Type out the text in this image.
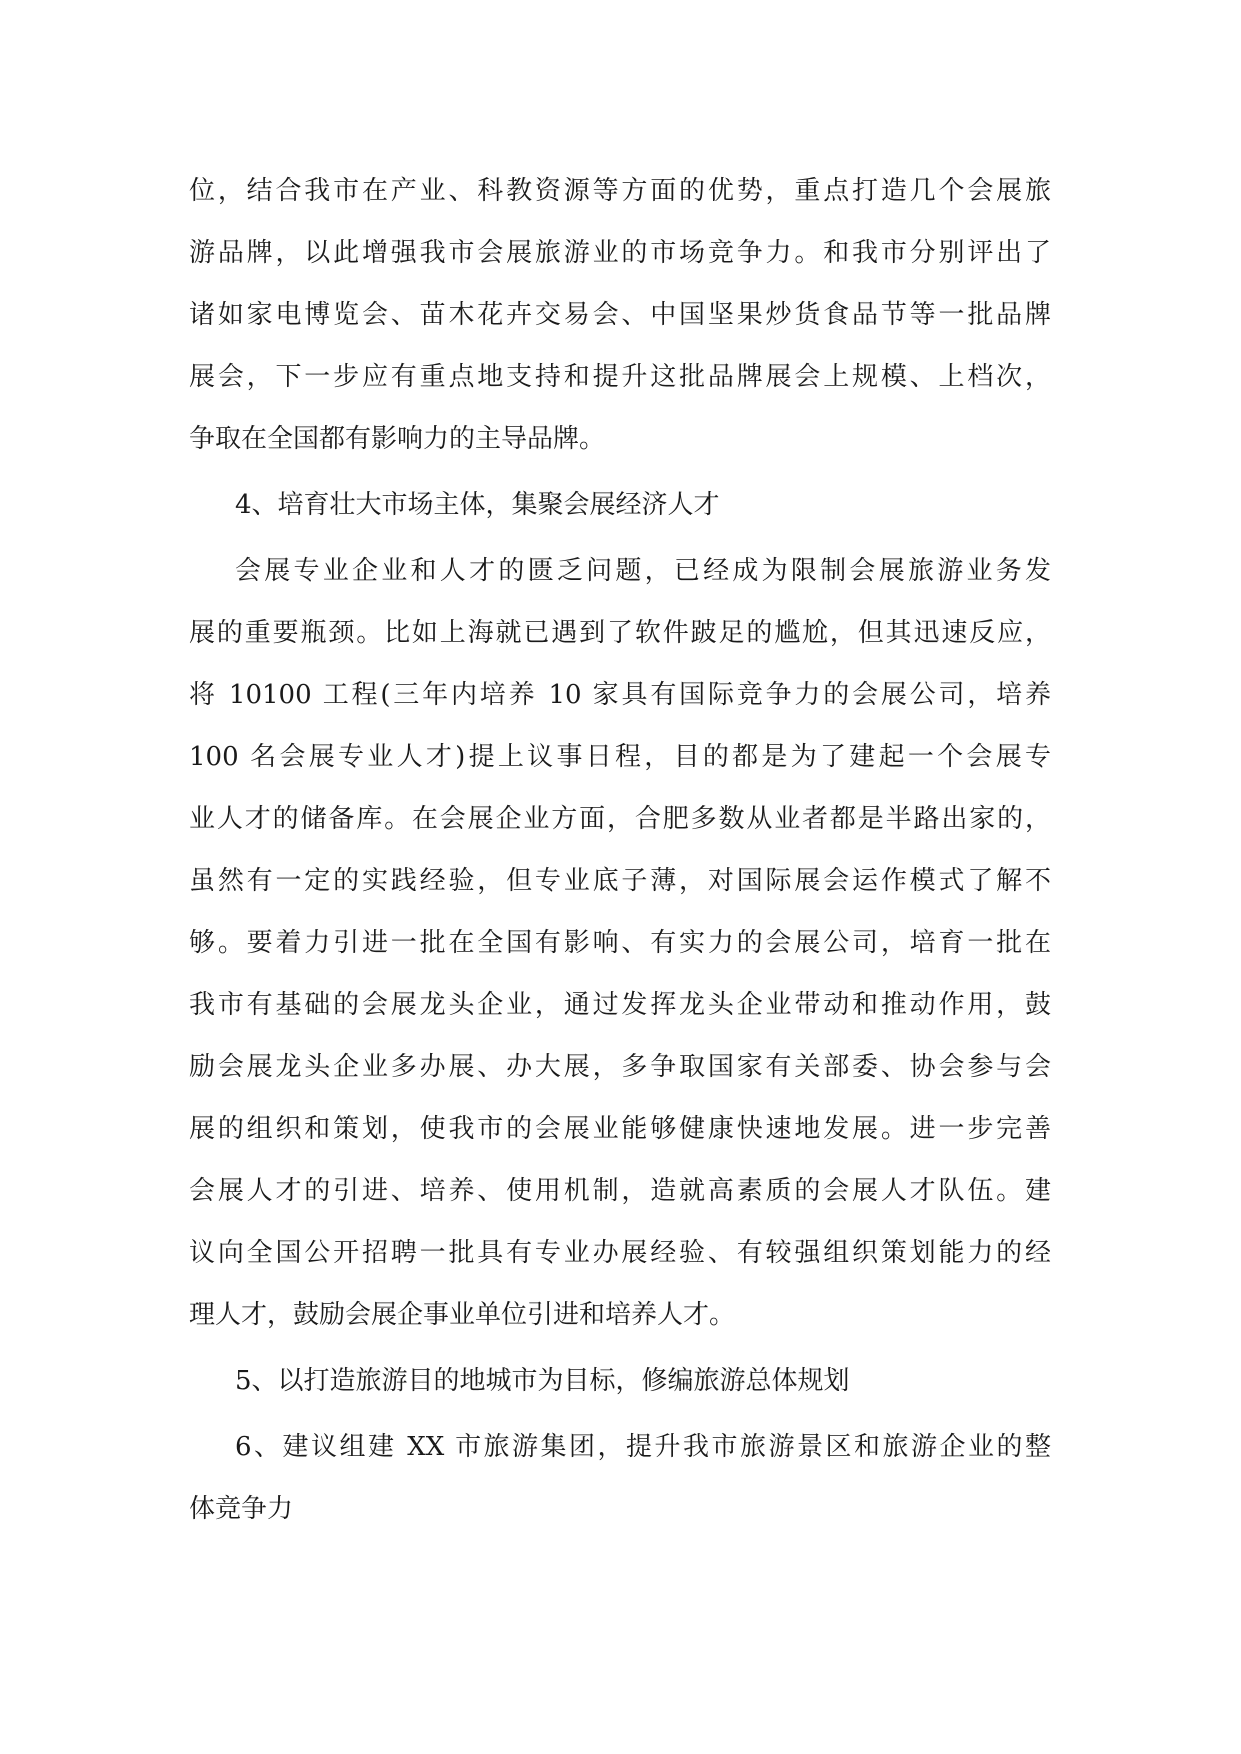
位，结合我市在产业、科教资源等方面的优势，重点打造几个会展旅
游品牌，以此增强我市会展旅游业的市场竞争力。和我市分别评出了
诸如家电博览会、苗木花卉交易会、中国坚果炒货食品节等一批品牌
展会，下一步应有重点地支持和提升这批品牌展会上规模、上档次，
争取在全国都有影响力的主导品牌。
4、培育壮大市场主体，集聚会展经济人才
会展专业企业和人才的匮乏问题，已经成为限制会展旅游业务发
展的重要瓶颈。比如上海就已遇到了软件跛足的尴尬，但其迅速反应，
将 10100 工程(三年内培养 10 家具有国际竞争力的会展公司，培养
100 名会展专业人才)提上议事日程，目的都是为了建起一个会展专
业人才的储备库。在会展企业方面，合肥多数从业者都是半路出家的，
虽然有一定的实践经验，但专业底子薄，对国际展会运作模式了解不
够。要着力引进一批在全国有影响、有实力的会展公司，培育一批在
我市有基础的会展龙头企业，通过发挥龙头企业带动和推动作用，鼓
励会展龙头企业多办展、办大展，多争取国家有关部委、协会参与会
展的组织和策划，使我市的会展业能够健康快速地发展。进一步完善
会展人才的引进、培养、使用机制，造就高素质的会展人才队伍。建
议向全国公开招聘一批具有专业办展经验、有较强组织策划能力的经
理人才，鼓励会展企事业单位引进和培养人才。
5、以打造旅游目的地城市为目标，修编旅游总体规划
6、建议组建 XX 市旅游集团，提升我市旅游景区和旅游企业的整
体竞争力
